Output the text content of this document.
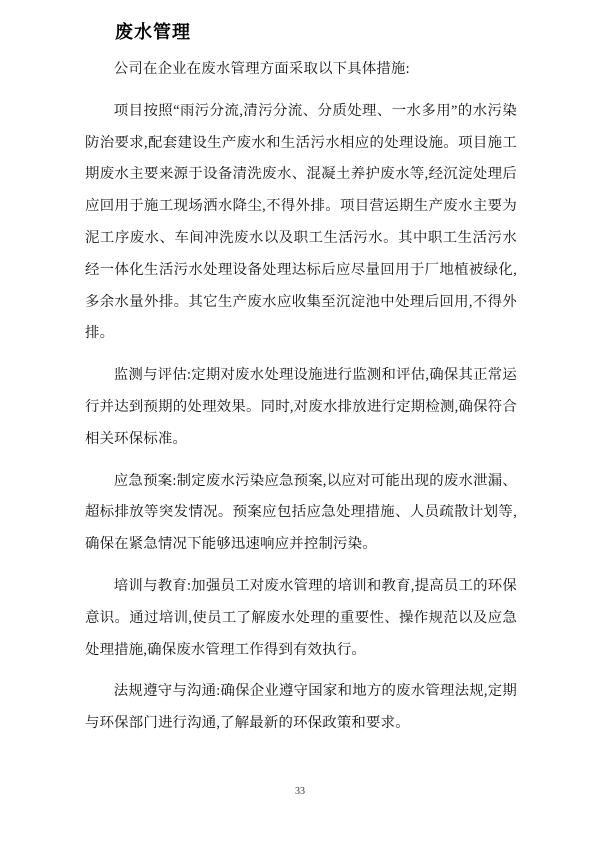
废水管理

公司在企业在废水管理方面采取以下具体措施:

项目按照“雨污分流,清污分流、分质处理、一水多用”的水污染防治要求,配套建设生产废水和生活污水相应的处理设施。项目施工期废水主要来源于设备清洗废水、混凝土养护废水等,经沉淀处理后应回用于施工现场洒水降尘,不得外排。项目营运期生产废水主要为泥工序废水、车间冲洗废水以及职工生活污水。其中职工生活污水经一体化生活污水处理设备处理达标后应尽量回用于厂地植被绿化,多余水量外排。其它生产废水应收集至沉淀池中处理后回用,不得外排。

监测与评估:定期对废水处理设施进行监测和评估,确保其正常运行并达到预期的处理效果。同时,对废水排放进行定期检测,确保符合相关环保标准。

应急预案:制定废水污染应急预案,以应对可能出现的废水泄漏、超标排放等突发情况。预案应包括应急处理措施、人员疏散计划等,确保在紧急情况下能够迅速响应并控制污染。

培训与教育:加强员工对废水管理的培训和教育,提高员工的环保意识。通过培训,使员工了解废水处理的重要性、操作规范以及应急处理措施,确保废水管理工作得到有效执行。

法规遵守与沟通:确保企业遵守国家和地方的废水管理法规,定期与环保部门进行沟通,了解最新的环保政策和要求。

33
